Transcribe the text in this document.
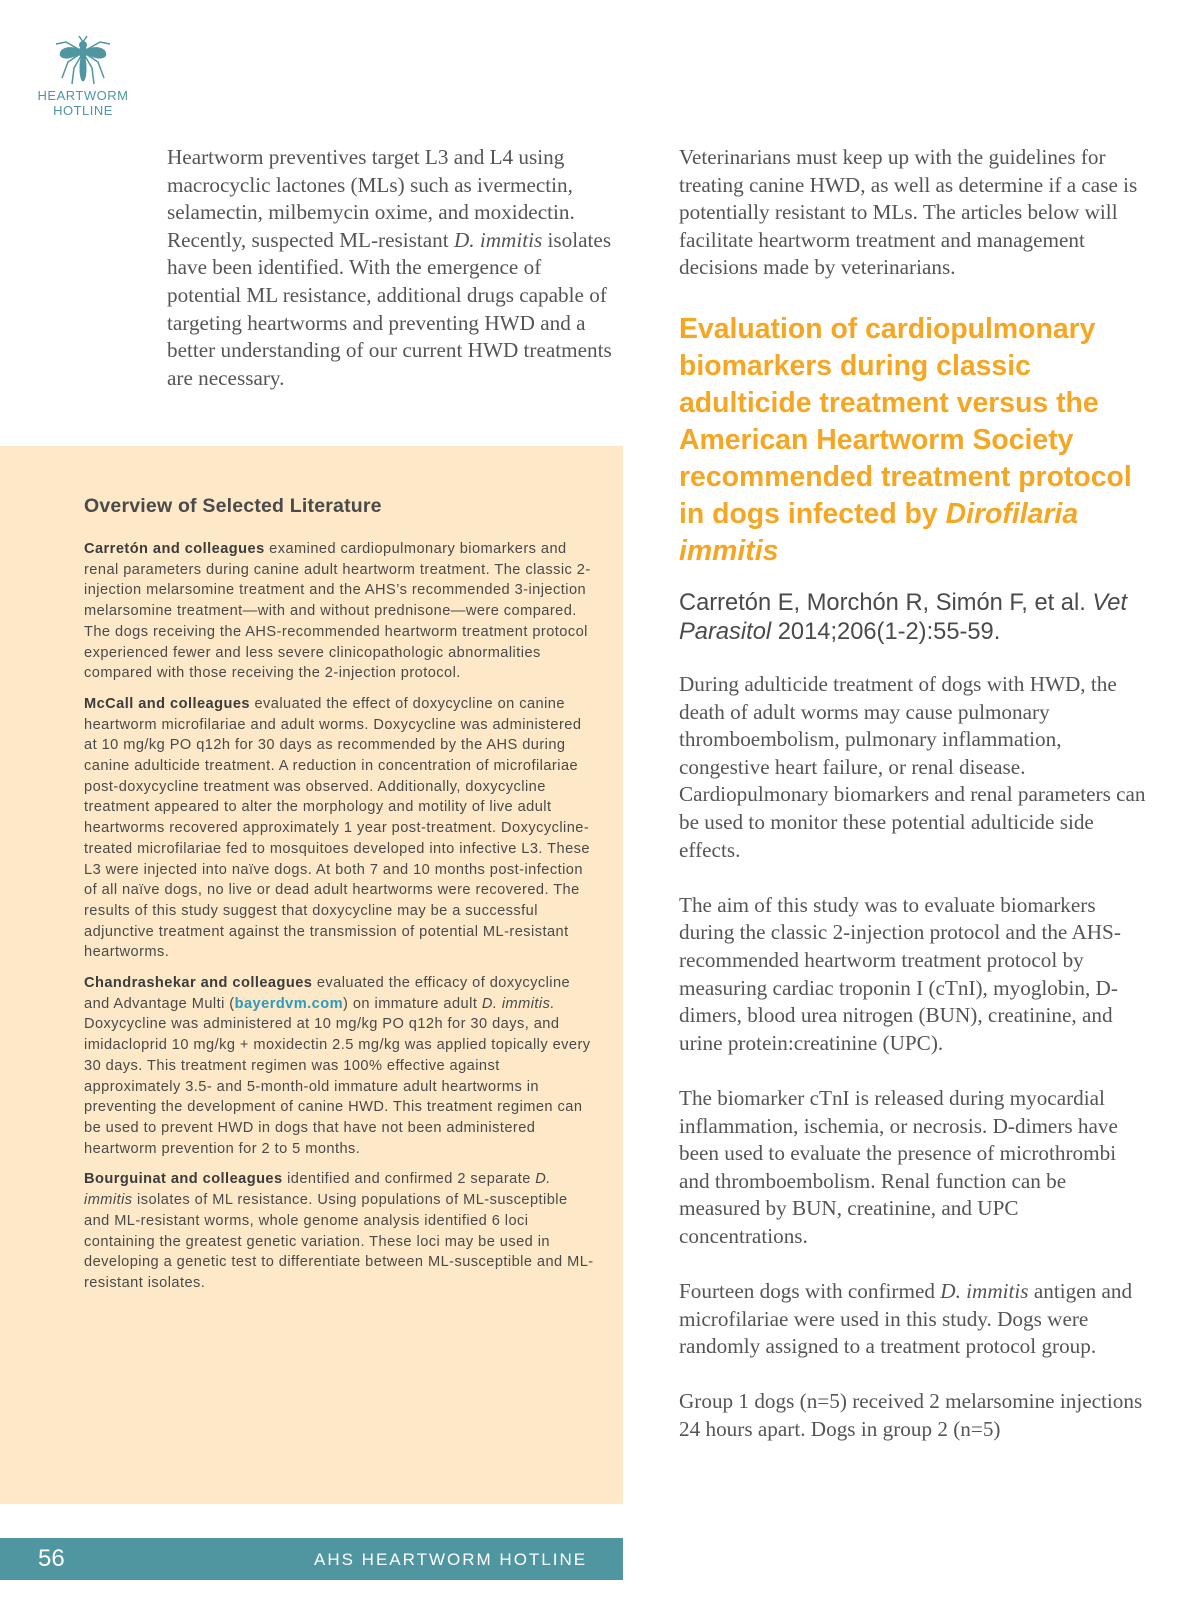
HEARTWORM
HOTLINE
Heartworm preventives target L3 and L4 using macrocyclic lactones (MLs) such as ivermectin, selamectin, milbemycin oxime, and moxidectin. Recently, suspected ML-resistant D. immitis isolates have been identified. With the emergence of potential ML resistance, additional drugs capable of targeting heartworms and preventing HWD and a better understanding of our current HWD treatments are necessary.
Veterinarians must keep up with the guidelines for treating canine HWD, as well as determine if a case is potentially resistant to MLs. The articles below will facilitate heartworm treatment and management decisions made by veterinarians.
Overview of Selected Literature

Carretón and colleagues examined cardiopulmonary biomarkers and renal parameters during canine adult heartworm treatment. The classic 2-injection melarsomine treatment and the AHS’s recommended 3-injection melarsomine treatment—with and without prednisone—were compared. The dogs receiving the AHS-recommended heartworm treatment protocol experienced fewer and less severe clinicopathologic abnormalities compared with those receiving the 2-injection protocol.

McCall and colleagues evaluated the effect of doxycycline on canine heartworm microfilariae and adult worms. Doxycycline was administered at 10 mg/kg PO q12h for 30 days as recommended by the AHS during canine adulticide treatment. A reduction in concentration of microfilariae post-doxycycline treatment was observed. Additionally, doxycycline treatment appeared to alter the morphology and motility of live adult heartworms recovered approximately 1 year post-treatment. Doxycycline-treated microfilariae fed to mosquitoes developed into infective L3. These L3 were injected into naïve dogs. At both 7 and 10 months post-infection of all naïve dogs, no live or dead adult heartworms were recovered. The results of this study suggest that doxycycline may be a successful adjunctive treatment against the transmission of potential ML-resistant heartworms.

Chandrashekar and colleagues evaluated the efficacy of doxycycline and Advantage Multi (bayerdvm.com) on immature adult D. immitis. Doxycycline was administered at 10 mg/kg PO q12h for 30 days, and imidacloprid 10 mg/kg + moxidectin 2.5 mg/kg was applied topically every 30 days. This treatment regimen was 100% effective against approximately 3.5- and 5-month-old immature adult heartworms in preventing the development of canine HWD. This treatment regimen can be used to prevent HWD in dogs that have not been administered heartworm prevention for 2 to 5 months.

Bourguinat and colleagues identified and confirmed 2 separate D. immitis isolates of ML resistance. Using populations of ML-susceptible and ML-resistant worms, whole genome analysis identified 6 loci containing the greatest genetic variation. These loci may be used in developing a genetic test to differentiate between ML-susceptible and ML-resistant isolates.

Evaluation of cardiopulmonary biomarkers during classic adulticide treatment versus the American Heartworm Society recommended treatment protocol in dogs infected by Dirofilaria immitis
Carretón E, Morchón R, Simón F, et al. Vet Parasitol 2014;206(1-2):55-59.

During adulticide treatment of dogs with HWD, the death of adult worms may cause pulmonary thromboembolism, pulmonary inflammation, congestive heart failure, or renal disease. Cardiopulmonary biomarkers and renal parameters can be used to monitor these potential adulticide side effects.

The aim of this study was to evaluate biomarkers during the classic 2-injection protocol and the AHS-recommended heartworm treatment protocol by measuring cardiac troponin I (cTnI), myoglobin, D-dimers, blood urea nitrogen (BUN), creatinine, and urine protein:creatinine (UPC).

The biomarker cTnI is released during myocardial inflammation, ischemia, or necrosis. D-dimers have been used to evaluate the presence of microthrombi and thromboembolism. Renal function can be measured by BUN, creatinine, and UPC concentrations.

Fourteen dogs with confirmed D. immitis antigen and microfilariae were used in this study. Dogs were randomly assigned to a treatment protocol group.

Group 1 dogs (n=5) received 2 melarsomine injections 24 hours apart. Dogs in group 2 (n=5)

56	AHS HEARTWORM HOTLINE
